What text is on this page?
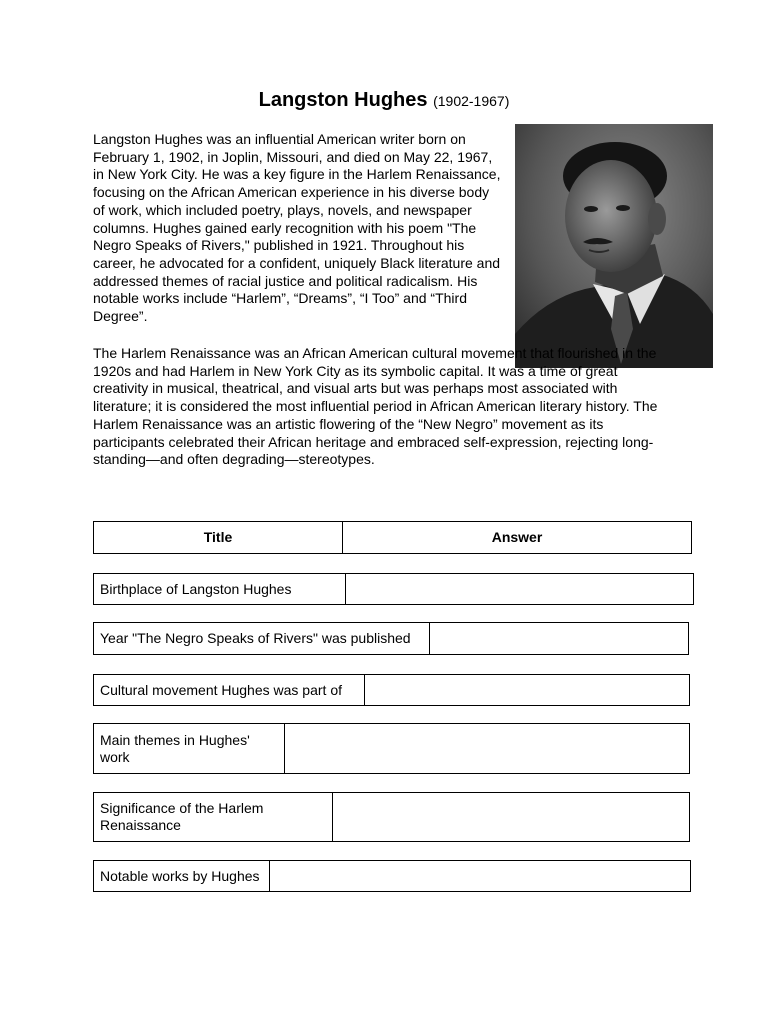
Langston Hughes (1902-1967)
Langston Hughes was an influential American writer born on February 1, 1902, in Joplin, Missouri, and died on May 22, 1967, in New York City. He was a key figure in the Harlem Renaissance, focusing on the African American experience in his diverse body of work, which included poetry, plays, novels, and newspaper columns. Hughes gained early recognition with his poem "The Negro Speaks of Rivers," published in 1921. Throughout his career, he advocated for a confident, uniquely Black literature and addressed themes of racial justice and political radicalism. His notable works include “Harlem”, “Dreams”, “I Too” and “Third Degree”.
The Harlem Renaissance was an African American cultural movement that flourished in the 1920s and had Harlem in New York City as its symbolic capital. It was a time of great creativity in musical, theatrical, and visual arts but was perhaps most associated with literature; it is considered the most influential period in African American literary history. The Harlem Renaissance was an artistic flowering of the “New Negro” movement as its participants celebrated their African heritage and embraced self-expression, rejecting long-standing—and often degrading—stereotypes.
Title	Answer
Birthplace of Langston Hughes
Year "The Negro Speaks of Rivers" was published
Cultural movement Hughes was part of
Main themes in Hughes' work
Significance of the Harlem Renaissance
Notable works by Hughes
